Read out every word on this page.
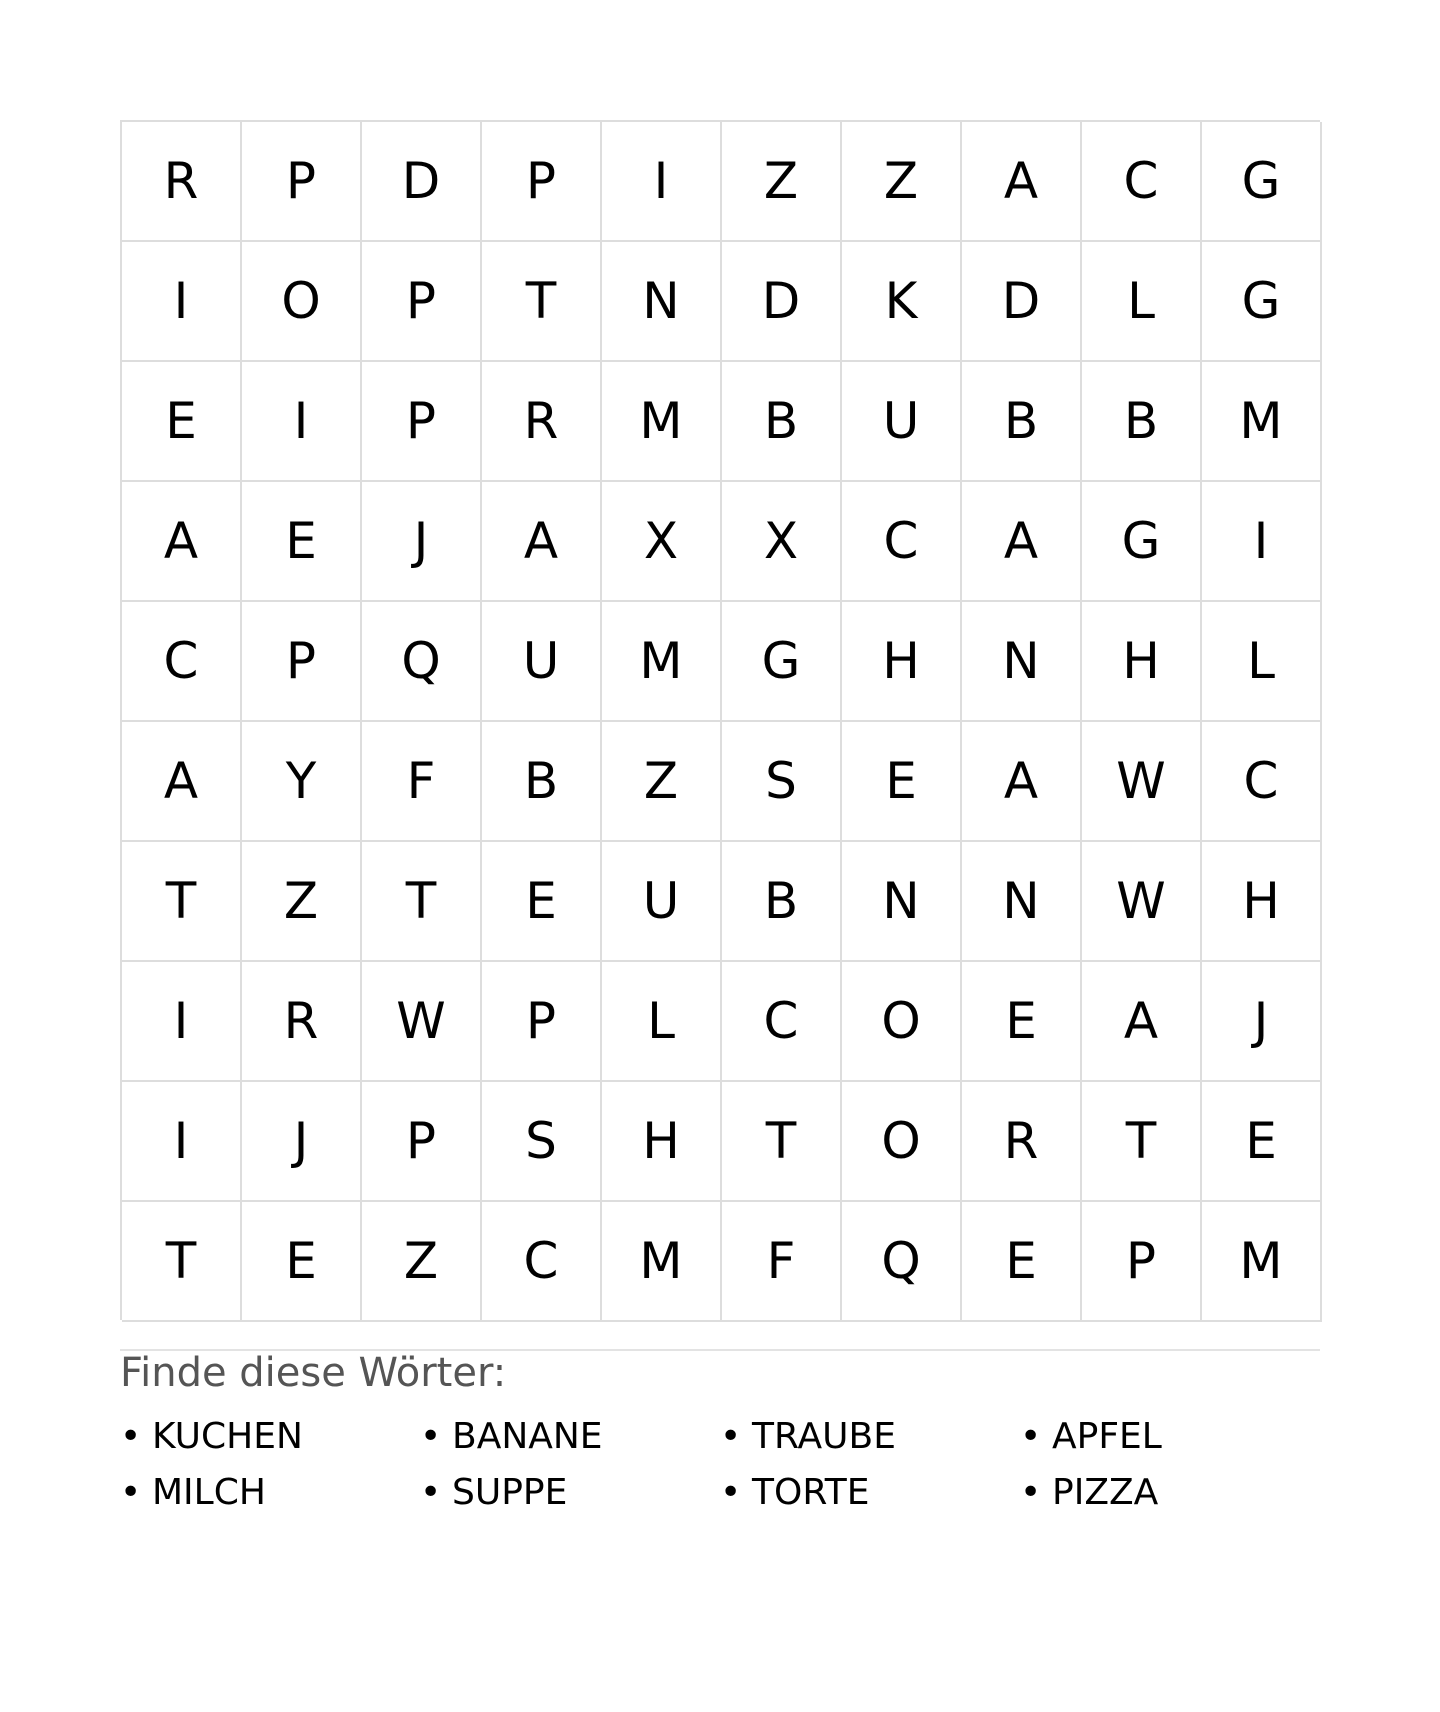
R	P	D	P	I	Z	Z	A	C	G
I	O	P	T	N	D	K	D	L	G
E	I	P	R	M	B	U	B	B	M
A	E	J	A	X	X	C	A	G	I
C	P	Q	U	M	G	H	N	H	L
A	Y	F	B	Z	S	E	A	W	C
T	Z	T	E	U	B	N	N	W	H
I	R	W	P	L	C	O	E	A	J
I	J	P	S	H	T	O	R	T	E
T	E	Z	C	M	F	Q	E	P	M
Finde diese Wörter:
• KUCHEN	• BANANE	• TRAUBE	• APFEL
• MILCH	• SUPPE	• TORTE	• PIZZA
